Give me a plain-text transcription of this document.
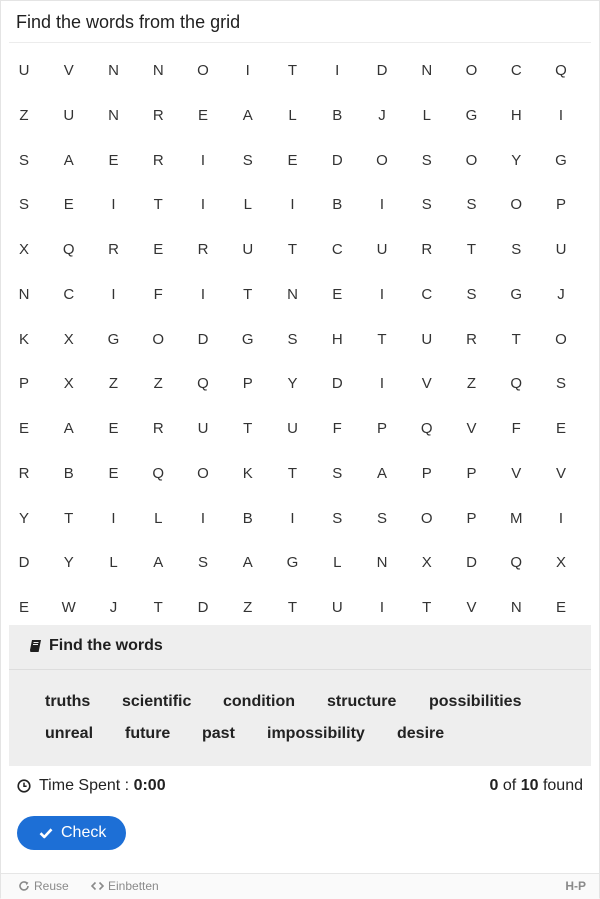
Find the words from the grid
U	V	N	N	O	I	T	I	D	N	O	C	Q
Z	U	N	R	E	A	L	B	J	L	G	H	I
S	A	E	R	I	S	E	D	O	S	O	Y	G
S	E	I	T	I	L	I	B	I	S	S	O	P
X	Q	R	E	R	U	T	C	U	R	T	S	U
N	C	I	F	I	T	N	E	I	C	S	G	J
K	X	G	O	D	G	S	H	T	U	R	T	O
P	X	Z	Z	Q	P	Y	D	I	V	Z	Q	S
E	A	E	R	U	T	U	F	P	Q	V	F	E
R	B	E	Q	O	K	T	S	A	P	P	V	V
Y	T	I	L	I	B	I	S	S	O	P	M	I
D	Y	L	A	S	A	G	L	N	X	D	Q	X
E	W	J	T	D	Z	T	U	I	T	V	N	E
Find the words
truths scientific condition structure possibilities
unreal future past impossibility desire
Time Spent : 0:00	0 of 10 found
Check
Reuse	Einbetten	H-P
